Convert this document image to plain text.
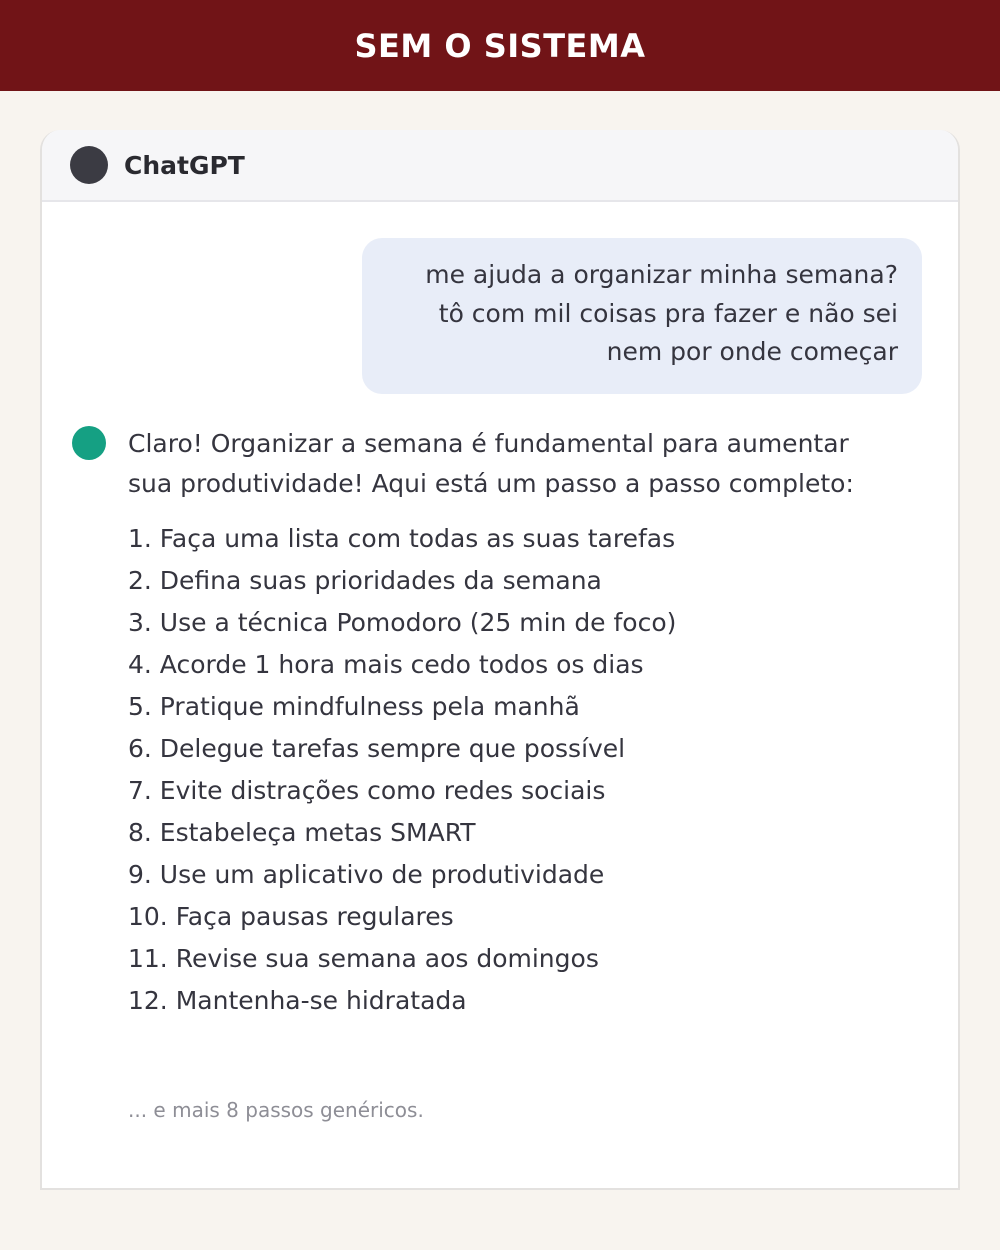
SEM O SISTEMA
ChatGPT
me ajuda a organizar minha semana?
tô com mil coisas pra fazer e não sei
nem por onde começar
Claro! Organizar a semana é fundamental para aumentar
sua produtividade! Aqui está um passo a passo completo:
1. Faça uma lista com todas as suas tarefas
2. Defina suas prioridades da semana
3. Use a técnica Pomodoro (25 min de foco)
4. Acorde 1 hora mais cedo todos os dias
5. Pratique mindfulness pela manhã
6. Delegue tarefas sempre que possível
7. Evite distrações como redes sociais
8. Estabeleça metas SMART
9. Use um aplicativo de produtividade
10. Faça pausas regulares
11. Revise sua semana aos domingos
12. Mantenha-se hidratada
... e mais 8 passos genéricos.
